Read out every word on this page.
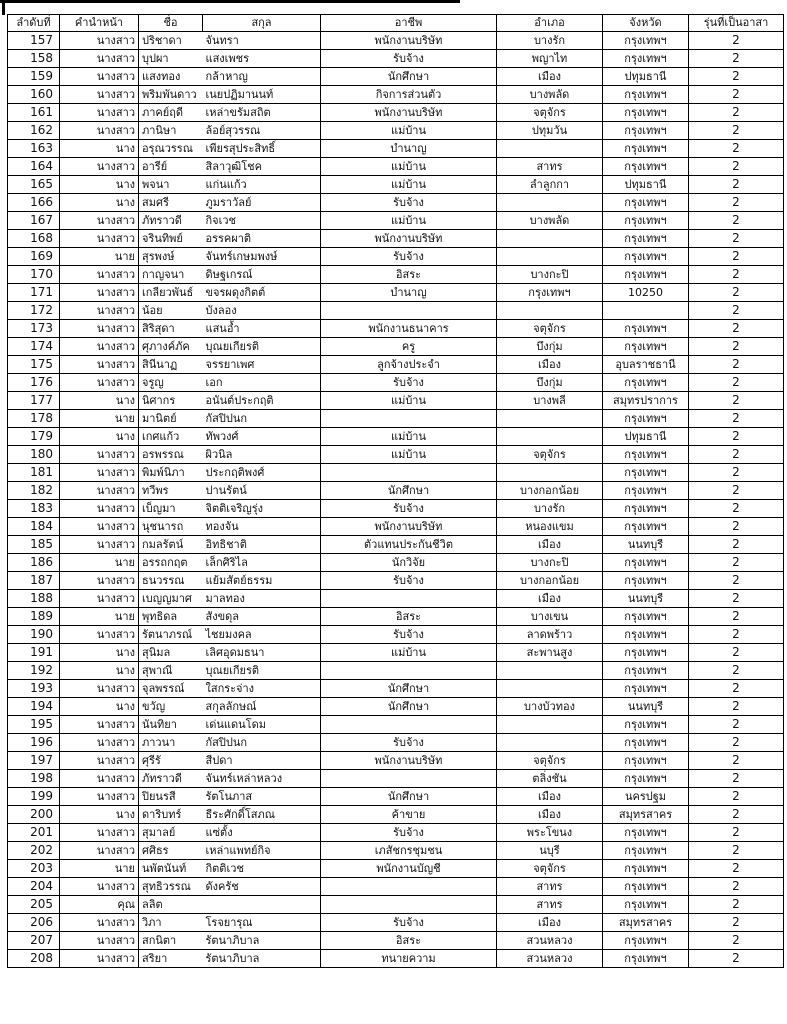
ลำดับที่	คำนำหน้า	ชื่อ	สกุล	อาชีพ	อำเภอ	จังหวัด	รุ่นที่เป็นอาสา
157	นางสาว	ปริชาดา	จันทรา	พนักงานบริษัท	บางรัก	กรุงเทพฯ	2
158	นางสาว	บุปผา	แสงเพชร	รับจ้าง	พญาไท	กรุงเทพฯ	2
159	นางสาว	แสงทอง	กล้าหาญ	นักศึกษา	เมือง	ปทุมธานี	2
160	นางสาว	พริมพันดาว	เนยปฏิมานนท์	กิจการส่วนตัว	บางพลัด	กรุงเทพฯ	2
161	นางสาว	ภาคย์ฤดี	เหล่าขรัมสถิต	พนักงานบริษัท	จตุจักร	กรุงเทพฯ	2
162	นางสาว	ภานิษา	ล้อย์สุวรรณ	แม่บ้าน	ปทุมวัน	กรุงเทพฯ	2
163	นาง	อรุณวรรณ	เพียรสุประสิทธิ์	บำนาญ		กรุงเทพฯ	2
164	นางสาว	อารีย์	สิลาวุฒิโชค	แม่บ้าน	สาทร	กรุงเทพฯ	2
165	นาง	พจนา	แก่นแก้ว	แม่บ้าน	ลำลูกกา	ปทุมธานี	2
166	นาง	สมศรี	ภูมราวัลย์	รับจ้าง		กรุงเทพฯ	2
167	นางสาว	ภัทราวดี	กิจเวช	แม่บ้าน	บางพลัด	กรุงเทพฯ	2
168	นางสาว	จรินทิพย์	อรรคผาติ	พนักงานบริษัท		กรุงเทพฯ	2
169	นาย	สุรพงษ์	จันทร์เกษมพงษ์	รับจ้าง		กรุงเทพฯ	2
170	นางสาว	กาญจนา	ดิษฐเกรณ์	อิสระ	บางกะปิ	กรุงเทพฯ	2
171	นางสาว	เกลียวพันธ์	ขจรผดุงกิตต์	บำนาญ	กรุงเทพฯ	10250	2
172	นางสาว	น้อย	บังลอง				2
173	นางสาว	สิริสุดา	แสนอ้ำ	พนักงานธนาคาร	จตุจักร	กรุงเทพฯ	2
174	นางสาว	ศุภางค์ภัค	บุณยเกียรติ	ครู	บึงกุ่ม	กรุงเทพฯ	2
175	นางสาว	สินีนาฏ	จรรยาเพศ	ลูกจ้างประจำ	เมือง	อุบลราชธานี	2
176	นางสาว	จรูญ	เอก	รับจ้าง	บึงกุ่ม	กรุงเทพฯ	2
177	นาง	นิศากร	อนันต์ประกฤติ	แม่บ้าน	บางพลี	สมุทรปราการ	2
178	นาย	มานิตย์	กัสปิปนก			กรุงเทพฯ	2
179	นาง	เกศแก้ว	ทัพวงศ์	แม่บ้าน		ปทุมธานี	2
180	นางสาว	อรพรรณ	ผิวนิล	แม่บ้าน	จตุจักร	กรุงเทพฯ	2
181	นางสาว	พิมพ์นิภา	ประกฤติพงศ์			กรุงเทพฯ	2
182	นางสาว	ทวีพร	ปานรัตน์	นักศึกษา	บางกอกน้อย	กรุงเทพฯ	2
183	นางสาว	เบ็ญมา	จิตติเจริญรุ่ง	รับจ้าง	บางรัก	กรุงเทพฯ	2
184	นางสาว	นุชนารถ	ทองจัน	พนักงานบริษัท	หนองแขม	กรุงเทพฯ	2
185	นางสาว	กมลรัตน์	อิทธิชาติ	ตัวแทนประกันชีวิต	เมือง	นนทบุรี	2
186	นาย	อรรถกฤต	เล็กศิริไล	นักวิจัย	บางกะปิ	กรุงเทพฯ	2
187	นางสาว	ธนวรรณ	แย้มสัตย์ธรรม	รับจ้าง	บางกอกน้อย	กรุงเทพฯ	2
188	นางสาว	เบญญมาศ	มาลทอง		เมือง	นนทบุรี	2
189	นาย	พุทธิดล	สังขดุล	อิสระ	บางเขน	กรุงเทพฯ	2
190	นางสาว	รัตนาภรณ์	ไชยมงคล	รับจ้าง	ลาดพร้าว	กรุงเทพฯ	2
191	นาง	สุนิมล	เลิศอุดมธนา	แม่บ้าน	สะพานสูง	กรุงเทพฯ	2
192	นาง	สุพาณี	บุณยเกียรติ			กรุงเทพฯ	2
193	นางสาว	จุลพรรณ์	ใสกระจ่าง	นักศึกษา		กรุงเทพฯ	2
194	นาง	ขวัญ	สกุลลักษณ์	นักศึกษา	บางบัวทอง	นนทบุรี	2
195	นางสาว	นันทิยา	เด่นแดนโดม			กรุงเทพฯ	2
196	นางสาว	ภาวนา	กัสปิปนก	รับจ้าง		กรุงเทพฯ	2
197	นางสาว	ศุรีรั	สีปดา	พนักงานบริษัท	จตุจักร	กรุงเทพฯ	2
198	นางสาว	ภัทราวดี	จันทร์เหล่าหลวง		ตลิ่งชัน	กรุงเทพฯ	2
199	นางสาว	ปิยนรสี	รัตโนภาส	นักศึกษา	เมือง	นครปฐม	2
200	นาง	ดาริบทร์	ธีระศักดิ์โสภณ	ค้าขาย	เมือง	สมุทรสาคร	2
201	นางสาว	สุมาลย์	แซ่ตั้ง	รับจ้าง	พระโขนง	กรุงเทพฯ	2
202	นางสาว	ศศิธร	เหล่าแพทย์กิจ	เภสัชกรชุมชน	นบุรี	กรุงเทพฯ	2
203	นาย	นพัตนันท์	กิตติเวช	พนักงานบัญชี	จตุจักร	กรุงเทพฯ	2
204	นางสาว	สุทธิวรรณ	ดังครัช		สาทร	กรุงเทพฯ	2
205	คุณ	ลลิต			สาทร	กรุงเทพฯ	2
206	นางสาว	วิภา	โรจยารุณ	รับจ้าง	เมือง	สมุทรสาคร	2
207	นางสาว	สกนิตา	รัตนาภิบาล	อิสระ	สวนหลวง	กรุงเทพฯ	2
208	นางสาว	สริยา	รัตนาภิบาล	ทนายความ	สวนหลวง	กรุงเทพฯ	2
